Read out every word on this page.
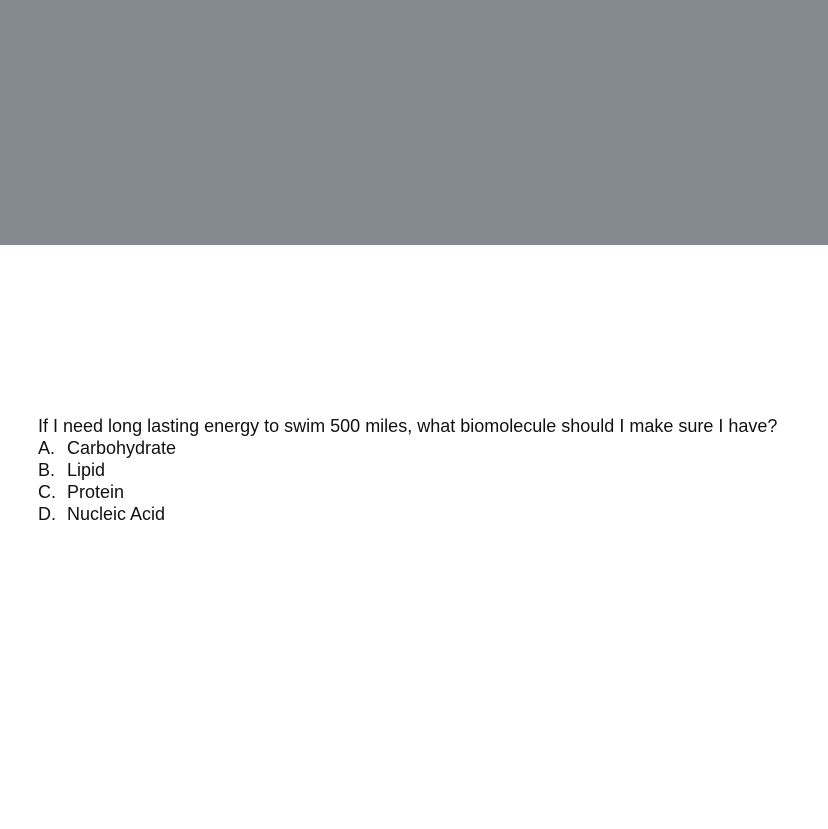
If I need long lasting energy to swim 500 miles, what biomolecule should I make sure I have?
A. Carbohydrate
B. Lipid
C. Protein
D. Nucleic Acid
